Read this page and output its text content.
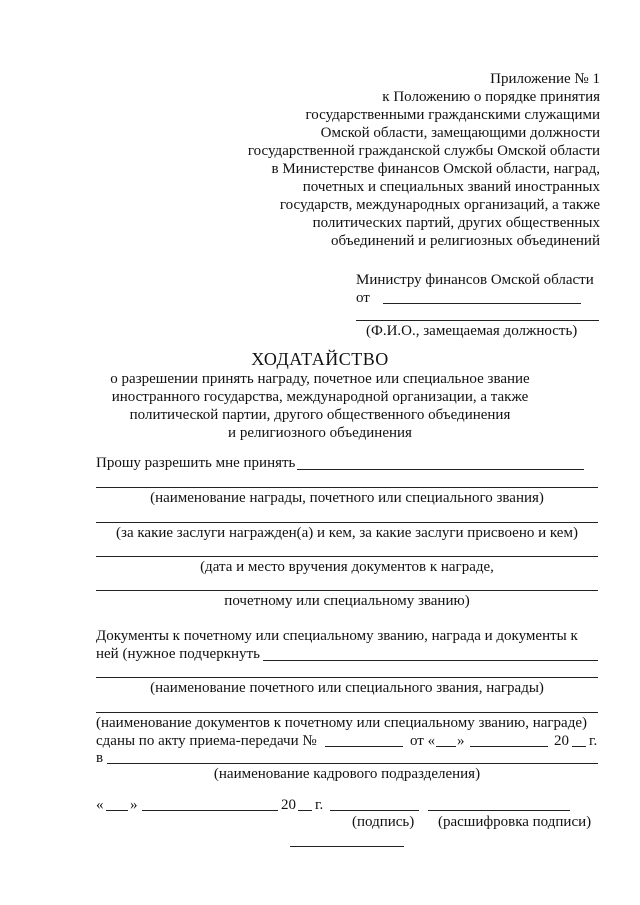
Приложение № 1
к Положению о порядке принятия
государственными гражданскими служащими
Омской области, замещающими должности
государственной гражданской службы Омской области
в Министерстве финансов Омской области, наград,
почетных и специальных званий иностранных
государств, международных организаций, а также
политических партий, других общественных
объединений и религиозных объединений
Министру финансов Омской области
от
(Ф.И.О., замещаемая должность)
ХОДАТАЙСТВО
о разрешении принять награду, почетное или специальное звание
иностранного государства, международной организации, а также
политической партии, другого общественного объединения
и религиозного объединения
Прошу разрешить мне принять
(наименование награды, почетного или специального звания)
(за какие заслуги награжден(а) и кем, за какие заслуги присвоено и кем)
(дата и место вручения документов к награде,
почетному или специальному званию)
Документы к почетному или специальному званию, награда и документы к
ней (нужное подчеркнуть
(наименование почетного или специального звания, награды)
(наименование документов к почетному или специальному званию, награде)
сданы по акту приема-передачи №	от « »	20 г.
в
(наименование кадрового подразделения)
« »	20 г.
(подпись) (расшифровка подписи)
